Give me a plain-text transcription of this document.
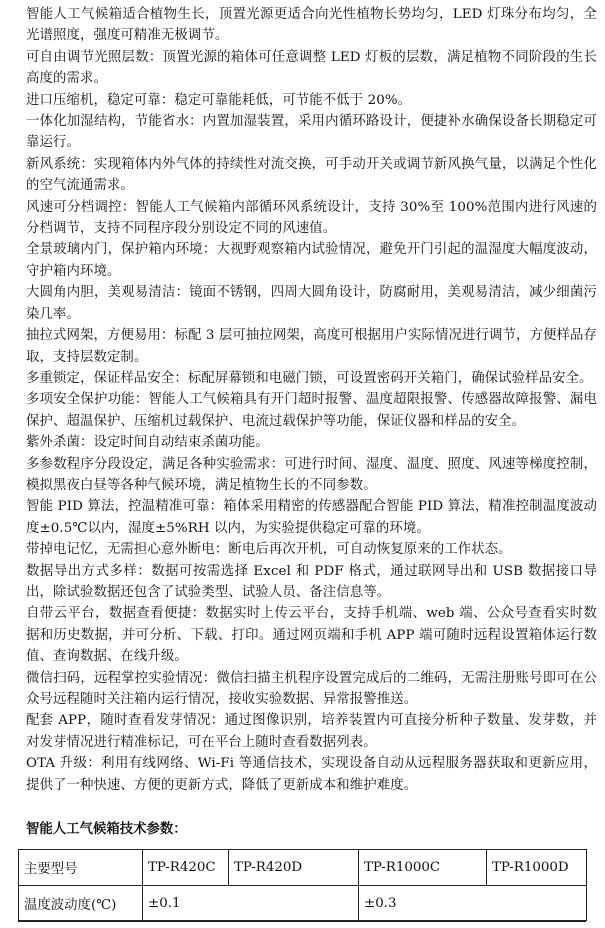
智能人工气候箱适合植物生长，顶置光源更适合向光性植物长势均匀，LED 灯珠分布均匀，全光谱照度，强度可精准无极调节。

可自由调节光照层数：顶置光源的箱体可任意调整 LED 灯板的层数，满足植物不同阶段的生长高度的需求。

进口压缩机，稳定可靠：稳定可靠能耗低，可节能不低于 20%。

一体化加湿结构，节能省水：内置加湿装置，采用内循环路设计，便捷补水确保设备长期稳定可靠运行。

新风系统：实现箱体内外气体的持续性对流交换，可手动开关或调节新风换气量，以满足个性化的空气流通需求。

风速可分档调控：智能人工气候箱内部循环风系统设计，支持 30%至 100%范围内进行风速的分档调节，支持不同程序段分别设定不同的风速值。

全景玻璃内门，保护箱内环境：大视野观察箱内试验情况，避免开门引起的温湿度大幅度波动，守护箱内环境。

大圆角内胆，美观易清洁：镜面不锈钢，四周大圆角设计，防腐耐用，美观易清洁，减少细菌污染几率。

抽拉式网架，方便易用：标配 3 层可抽拉网架，高度可根据用户实际情况进行调节，方便样品存取，支持层数定制。

多重锁定，保证样品安全：标配屏幕锁和电磁门锁，可设置密码开关箱门，确保试验样品安全。

多项安全保护功能：智能人工气候箱具有开门超时报警、温度超限报警、传感器故障报警、漏电保护、超温保护、压缩机过载保护、电流过载保护等功能，保证仪器和样品的安全。

紫外杀菌：设定时间自动结束杀菌功能。

多参数程序分段设定，满足各种实验需求：可进行时间、湿度、温度、照度、风速等梯度控制，模拟黑夜白昼等各种气候环境，满足植物生长的不同参数。

智能 PID 算法，控温精准可靠：箱体采用精密的传感器配合智能 PID 算法，精准控制温度波动度±0.5℃以内，湿度±5%RH 以内，为实验提供稳定可靠的环境。

带掉电记忆，无需担心意外断电：断电后再次开机，可自动恢复原来的工作状态。

数据导出方式多样：数据可按需选择 Excel 和 PDF 格式，通过联网导出和 USB 数据接口导出，除试验数据还包含了试验类型、试验人员、备注信息等。

自带云平台，数据查看便捷：数据实时上传云平台，支持手机端、web 端、公众号查看实时数据和历史数据，并可分析、下载、打印。通过网页端和手机 APP 端可随时远程设置箱体运行数值、查询数据、在线升级。

微信扫码，远程掌控实验情况：微信扫描主机程序设置完成后的二维码，无需注册账号即可在公众号远程随时关注箱内运行情况，接收实验数据、异常报警推送。

配套 APP，随时查看发芽情况：通过图像识别，培养装置内可直接分析种子数量、发芽数，并对发芽情况进行精准标记，可在平台上随时查看数据列表。

OTA 升级：利用有线网络、Wi-Fi 等通信技术，实现设备自动从远程服务器获取和更新应用，提供了一种快速、方便的更新方式，降低了更新成本和维护难度。

智能人工气候箱技术参数：
主要型号	TP-R420C	TP-R420D	TP-R1000C	TP-R1000D
温度波动度(℃)	±0.1		±0.3	
